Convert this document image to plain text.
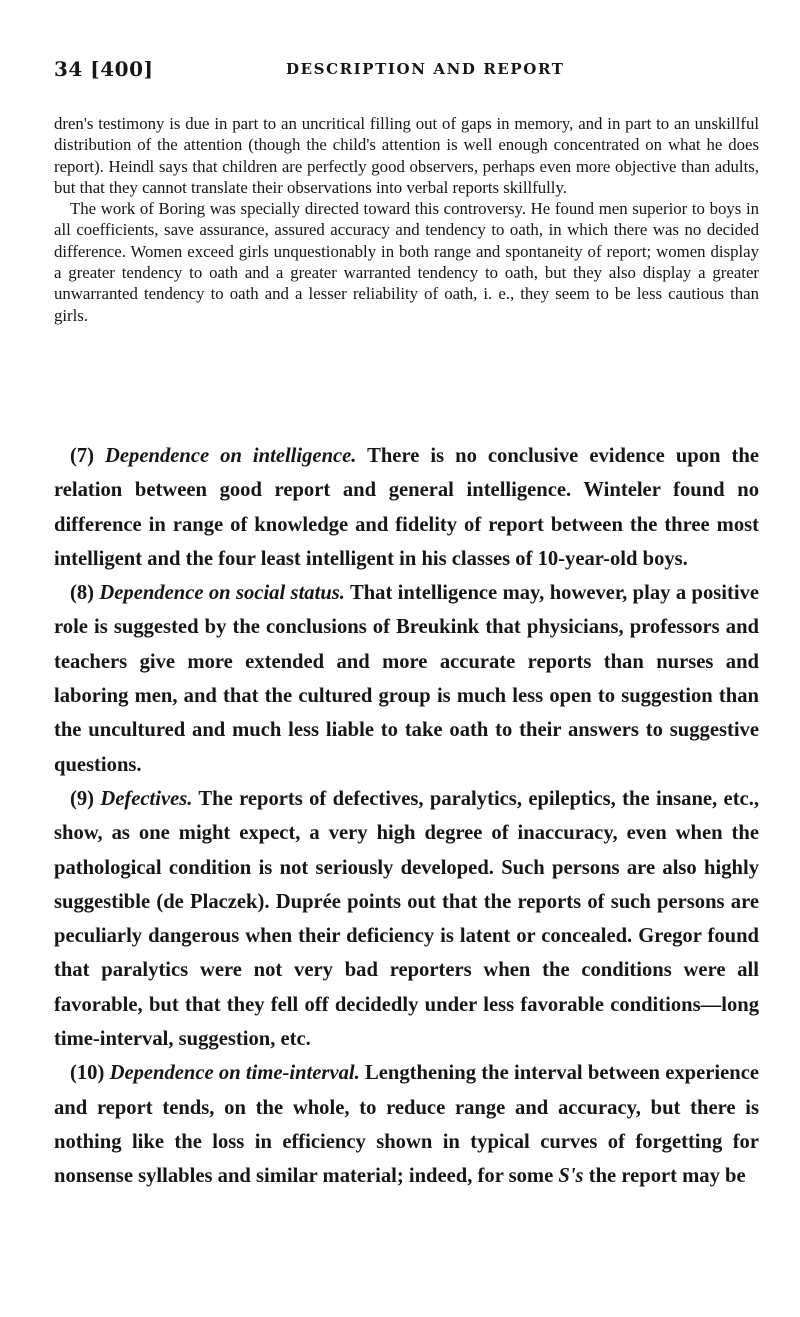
34 [400]	DESCRIPTION AND REPORT

dren's testimony is due in part to an uncritical filling out of gaps in memory, and in part to an unskillful distribution of the attention (though the child's attention is well enough concentrated on what he does report). Heindl says that children are perfectly good observers, perhaps even more objective than adults, but that they cannot translate their observations into verbal reports skillfully.

The work of Boring was specially directed toward this controversy. He found men superior to boys in all coefficients, save assurance, assured accuracy and tendency to oath, in which there was no decided difference. Women exceed girls unquestionably in both range and spontaneity of report; women display a greater tendency to oath and a greater warranted tendency to oath, but they also display a greater unwarranted tendency to oath and a lesser reliability of oath, i. e., they seem to be less cautious than girls.

(7) Dependence on intelligence. There is no conclusive evidence upon the relation between good report and general intelligence. Winteler found no difference in range of knowledge and fidelity of report between the three most intelligent and the four least intelligent in his classes of 10-year-old boys.

(8) Dependence on social status. That intelligence may, however, play a positive role is suggested by the conclusions of Breukink that physicians, professors and teachers give more extended and more accurate reports than nurses and laboring men, and that the cultured group is much less open to suggestion than the uncultured and much less liable to take oath to their answers to suggestive questions.

(9) Defectives. The reports of defectives, paralytics, epileptics, the insane, etc., show, as one might expect, a very high degree of inaccuracy, even when the pathological condition is not seriously developed. Such persons are also highly suggestible (de Placzek). Duprée points out that the reports of such persons are peculiarly dangerous when their deficiency is latent or concealed. Gregor found that paralytics were not very bad reporters when the conditions were all favorable, but that they fell off decidedly under less favorable conditions—long time-interval, suggestion, etc.

(10) Dependence on time-interval. Lengthening the interval between experience and report tends, on the whole, to reduce range and accuracy, but there is nothing like the loss in efficiency shown in typical curves of forgetting for nonsense syllables and similar material; indeed, for some S's the report may be
